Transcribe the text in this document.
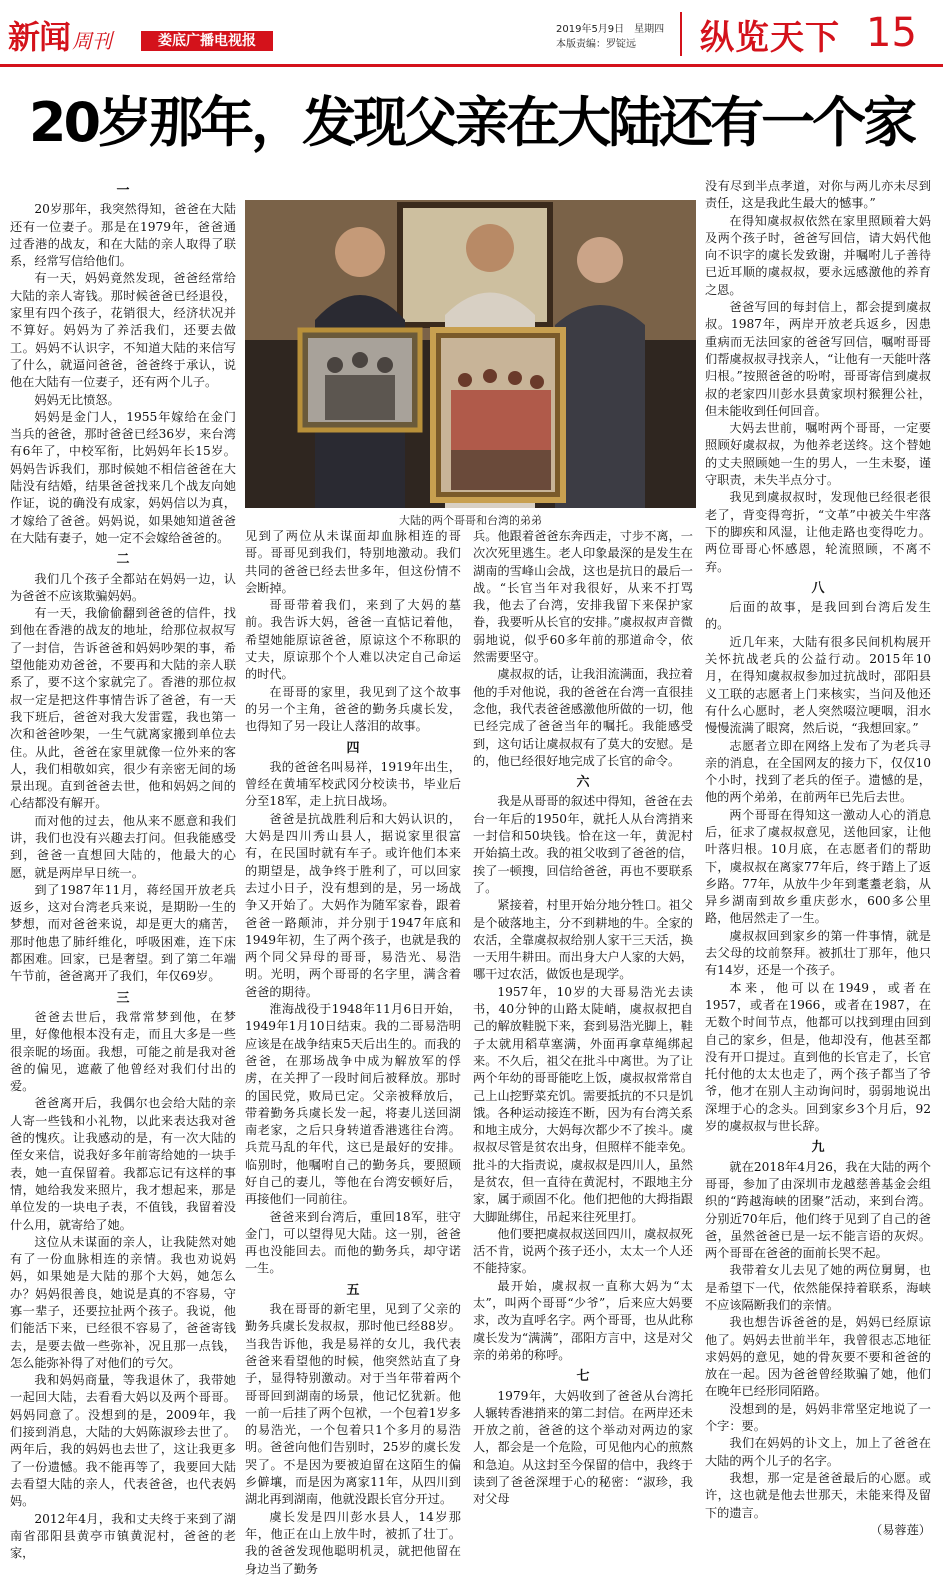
新闻 周刊	娄底广播电视报
2019年5月9日　星期四
本版责编：罗锭远	纵览天下 15
20岁那年，发现父亲在大陆还有一个家
大陆的两个哥哥和台湾的弟弟
一

20岁那年，我突然得知，爸爸在大陆还有一位妻子。那是在1979年，爸爸通过香港的战友，和在大陆的亲人取得了联系，经常写信给他们。

有一天，妈妈竟然发现，爸爸经常给大陆的亲人寄钱。那时候爸爸已经退役，家里有四个孩子，花销很大，经济状况并不算好。妈妈为了养活我们，还要去做工。妈妈不认识字，不知道大陆的来信写了什么，就逼问爸爸，爸爸终于承认，说他在大陆有一位妻子，还有两个儿子。

妈妈无比愤怒。

妈妈是金门人，1955年嫁给在金门当兵的爸爸，那时爸爸已经36岁，来台湾有6年了，中校军衔，比妈妈年长15岁。妈妈告诉我们，那时候她不相信爸爸在大陆没有结婚，结果爸爸找来几个战友向她作证，说的确没有成家，妈妈信以为真，才嫁给了爸爸。妈妈说，如果她知道爸爸在大陆有妻子，她一定不会嫁给爸爸的。

二

我们几个孩子全都站在妈妈一边，认为爸爸不应该欺骗妈妈。

有一天，我偷偷翻到爸爸的信件，找到他在香港的战友的地址，给那位叔叔写了一封信，告诉爸爸和妈妈吵架的事，希望他能劝劝爸爸，不要再和大陆的亲人联系了，要不这个家就完了。香港的那位叔叔一定是把这件事情告诉了爸爸，有一天我下班后，爸爸对我大发雷霆，我也第一次和爸爸吵架，一生气就离家搬到单位去住。从此，爸爸在家里就像一位外来的客人，我们相敬如宾，很少有亲密无间的场景出现。直到爸爸去世，他和妈妈之间的心结都没有解开。

而对他的过去，他从来不愿意和我们讲，我们也没有兴趣去打问。但我能感受到，爸爸一直想回大陆的，他最大的心愿，就是两岸早日统一。

到了1987年11月，蒋经国开放老兵返乡，这对台湾老兵来说，是期盼一生的梦想，而对爸爸来说，却是更大的痛苦，那时他患了肺纤维化，呼吸困难，连下床都困难。回家，已是奢望。到了第二年端午节前，爸爸离开了我们，年仅69岁。

三

爸爸去世后，我常常梦到他，在梦里，好像他根本没有走，而且大多是一些很亲昵的场面。我想，可能之前是我对爸爸的偏见，遮蔽了他曾经对我们付出的爱。

爸爸离开后，我偶尔也会给大陆的亲人寄一些钱和小礼物，以此来表达我对爸爸的愧疚。让我感动的是，有一次大陆的侄女来信，说我好多年前寄给她的一块手表，她一直保留着。我都忘记有这样的事情，她给我发来照片，我才想起来，那是单位发的一块电子表，不值钱，我留着没什么用，就寄给了她。

这位从未谋面的亲人，让我陡然对她有了一份血脉相连的亲情。我也劝说妈妈，如果她是大陆的那个大妈，她怎么办？妈妈很善良，她说是真的不容易，守寡一辈子，还要拉扯两个孩子。我说，他们能活下来，已经很不容易了，爸爸寄钱去，是要去做一些弥补，况且那一点钱，怎么能弥补得了对他们的亏欠。

我和妈妈商量，等我退休了，我带她一起回大陆，去看看大妈以及两个哥哥。妈妈同意了。没想到的是，2009年，我们接到消息，大陆的大妈陈淑珍去世了。两年后，我的妈妈也去世了，这让我更多了一份遗憾。我不能再等了，我要回大陆去看望大陆的亲人，代表爸爸，也代表妈妈。

2012年4月，我和丈夫终于来到了湖南省邵阳县黄亭市镇黄泥村，爸爸的老家，

见到了两位从未谋面却血脉相连的哥哥。哥哥见到我们，特别地激动。我们共同的爸爸已经去世多年，但这份情不会断掉。

哥哥带着我们，来到了大妈的墓前。我告诉大妈，爸爸一直惦记着他，希望她能原谅爸爸，原谅这个不称职的丈夫，原谅那个个人难以决定自己命运的时代。

在哥哥的家里，我见到了这个故事的另一个主角，爸爸的勤务兵虞长发，也得知了另一段让人落泪的故事。

四

我的爸爸名叫易祥，1919年出生，曾经在黄埔军校武冈分校读书，毕业后分至18军，走上抗日战场。

爸爸是抗战胜利后和大妈认识的，大妈是四川秀山县人，据说家里很富有，在民国时就有车子。或许他们本来的期望是，战争终于胜利了，可以回家去过小日子，没有想到的是，另一场战争又开始了。大妈作为随军家眷，跟着爸爸一路颠沛，并分别于1947年底和1949年初，生了两个孩子，也就是我的两个同父异母的哥哥，易浩光、易浩明。光明，两个哥哥的名字里，满含着爸爸的期待。

淮海战役于1948年11月6日开始，1949年1月10日结束。我的二哥易浩明应该是在战争结束5天后出生的。而我的爸爸，在那场战争中成为解放军的俘虏，在关押了一段时间后被释放。那时的国民党，败局已定。父亲被释放后，带着勤务兵虞长发一起，将妻儿送回湖南老家，之后只身转道香港逃往台湾。兵荒马乱的年代，这已是最好的安排。临别时，他嘱咐自己的勤务兵，要照顾好自己的妻儿，等他在台湾安顿好后，再接他们一同前往。

爸爸来到台湾后，重回18军，驻守金门，可以望得见大陆。这一别，爸爸再也没能回去。而他的勤务兵，却守诺一生。

五

我在哥哥的新宅里，见到了父亲的勤务兵虞长发叔叔，那时他已经88岁。当我告诉他，我是易祥的女儿，我代表爸爸来看望他的时候，他突然站直了身子，显得特别激动。对于当年带着两个哥哥回到湖南的场景，他记忆犹新。他一前一后挂了两个包袱，一个包着1岁多的易浩光，一个包着只1个多月的易浩明。爸爸向他们告别时，25岁的虞长发哭了。不是因为要被迫留在这陌生的偏乡僻壤，而是因为离家11年，从四川到湖北再到湖南，他就没跟长官分开过。

虞长发是四川彭水县人，14岁那年，他正在山上放牛时，被抓了壮丁。我的爸爸发现他聪明机灵，就把他留在身边当了勤务

兵。他跟着爸爸东奔西走，寸步不离，一次次死里逃生。老人印象最深的是发生在湖南的雪峰山会战，这也是抗日的最后一战。“长官当年对我很好，从来不打骂我，他去了台湾，安排我留下来保护家眷，我要听从长官的安排。”虞叔叔声音微弱地说，似乎60多年前的那道命令，依然需要坚守。

虞叔叔的话，让我泪流满面，我拉着他的手对他说，我的爸爸在台湾一直很挂念他，我代表爸爸感激他所做的一切，他已经完成了爸爸当年的嘱托。我能感受到，这句话让虞叔叔有了莫大的安慰。是的，他已经很好地完成了长官的命令。

六

我是从哥哥的叙述中得知，爸爸在去台一年后的1950年，就托人从台湾捎来一封信和50块钱。恰在这一年，黄泥村开始搞土改。我的祖父收到了爸爸的信，挨了一顿搜，回信给爸爸，再也不要联系了。

紧接着，村里开始分地分牲口。祖父是个破落地主，分不到耕地的牛。全家的农活，全靠虞叔叔给别人家干三天活，换一天用牛耕田。而出身大户人家的大妈，哪干过农活，做饭也是现学。

1957年，10岁的大哥易浩光去读书，40分钟的山路太陡峭，虞叔叔把自己的解放鞋脱下来，套到易浩光脚上，鞋子太就用稻草塞满，外面再拿草绳绑起来。不久后，祖父在批斗中离世。为了让两个年幼的哥哥能吃上饭，虞叔叔常常自己上山挖野菜充饥。需要抵抗的不只是饥饿。各种运动接连不断，因为有台湾关系和地主成分，大妈每次都少不了挨斗。虞叔叔尽管是贫农出身，但照样不能幸免。批斗的大指责说，虞叔叔是四川人，虽然是贫农，但一直待在黄泥村，不跟地主分家，属于顽固不化。他们把他的大拇指跟大脚趾绑住，吊起来往死里打。

他们要把虞叔叔送回四川，虞叔叔死活不肯，说两个孩子还小，太太一个人还不能持家。

最开始，虞叔叔一直称大妈为“太太”，叫两个哥哥“少爷”，后来应大妈要求，改为直呼名字。两个哥哥，也从此称虞长发为“满满”，邵阳方言中，这是对父亲的弟弟的称呼。

七

1979年，大妈收到了爸爸从台湾托人辗转香港捎来的第二封信。在两岸还未开放之前，爸爸的这个举动对两边的家人，都会是一个危险，可见他内心的煎熬和急迫。从这封至今保留的信中，我终于读到了爸爸深埋于心的秘密：“淑珍，我对父母

没有尽到半点孝道，对你与两儿亦未尽到责任，这是我此生最大的憾事。”

在得知虞叔叔依然在家里照顾着大妈及两个孩子时，爸爸写回信，请大妈代他向不识字的虞长发致谢，并嘱咐儿子善待已近耳顺的虞叔叔，要永远感激他的养育之恩。

爸爸写回的每封信上，都会提到虞叔叔。1987年，两岸开放老兵返乡，因患重病而无法回家的爸爸写回信，嘱咐哥哥们帮虞叔叔寻找亲人，“让他有一天能叶落归根。”按照爸爸的吩咐，哥哥寄信到虞叔叔的老家四川彭水县黄家坝村猴狸公社，但未能收到任何回音。

大妈去世前，嘱咐两个哥哥，一定要照顾好虞叔叔，为他养老送终。这个替她的丈夫照顾她一生的男人，一生未娶，谨守职责，未失半点分寸。

我见到虞叔叔时，发现他已经很老很老了，背变得弯折，“文革”中被关牛牢落下的脚疾和风湿，让他走路也变得吃力。两位哥哥心怀感恩，轮流照顾，不离不弃。

八

后面的故事，是我回到台湾后发生的。

近几年来，大陆有很多民间机构展开关怀抗战老兵的公益行动。2015年10月，在得知虞叔叔参加过抗战时，邵阳县义工联的志愿者上门来核实，当问及他还有什么心愿时，老人突然啜泣哽咽，泪水慢慢流满了眼窝，然后说，“我想回家。”

志愿者立即在网络上发布了为老兵寻亲的消息，在全国网友的接力下，仅仅10个小时，找到了老兵的侄子。遗憾的是，他的两个弟弟，在前两年已先后去世。

两个哥哥在得知这一激动人心的消息后，征求了虞叔叔意见，送他回家，让他叶落归根。10月底，在志愿者们的帮助下，虞叔叔在离家77年后，终于踏上了返乡路。77年，从放牛少年到耄耋老翁，从异乡湖南到故乡重庆彭水，600多公里路，他居然走了一生。

虞叔叔回到家乡的第一件事情，就是去父母的坟前祭拜。被抓壮丁那年，他只有14岁，还是一个孩子。

本来，他可以在1949，或者在1957，或者在1966，或者在1987，在无数个时间节点，他都可以找到理由回到自己的家乡，但是，他却没有，他甚至都没有开口提过。直到他的长官走了，长官托付他的太太也走了，两个孩子都当了爷爷，他才在别人主动询问时，弱弱地说出深埋于心的念头。回到家乡3个月后，92岁的虞叔叔与世长辞。

九

就在2018年4月26，我在大陆的两个哥哥，参加了由深圳市龙越慈善基金会组织的“跨越海峡的团聚”活动，来到台湾。分别近70年后，他们终于见到了自己的爸爸，虽然爸爸已是一坛不能言语的灰烬。两个哥哥在爸爸的面前长哭不起。

我带着女儿去见了她的两位舅舅，也是希望下一代，依然能保持着联系，海峡不应该隔断我们的亲情。

我也想告诉爸爸的是，妈妈已经原谅他了。妈妈去世前半年，我曾很志忑地征求妈妈的意见，她的骨灰要不要和爸爸的放在一起。因为爸爸曾经欺骗了她，他们在晚年已经形同陌路。

没想到的是，妈妈非常坚定地说了一个字：要。

我们在妈妈的讣文上，加上了爸爸在大陆的两个儿子的名字。

我想，那一定是爸爸最后的心愿。或许，这也就是他去世那天，未能来得及留下的遗言。

（易蓉莲）
